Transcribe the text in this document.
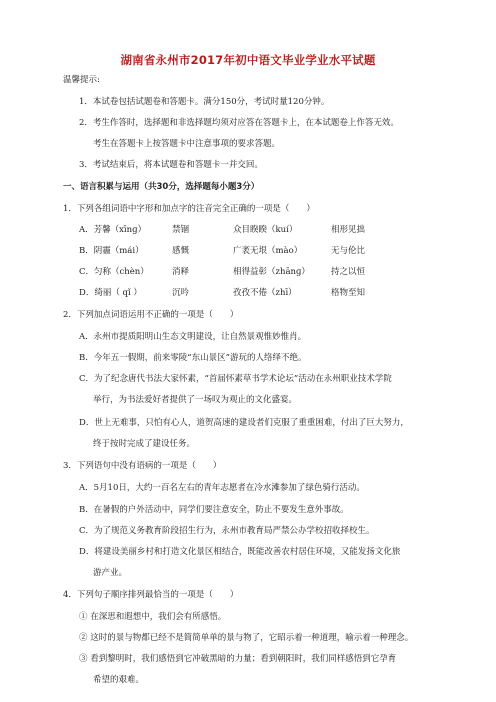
湖南省永州市2017年初中语文毕业学业水平试题
温馨提示:
1．本试卷包括试题卷和答题卡。满分150分，考试时量120分钟。
2．考生作答时，选择题和非选择题均须对应答在答题卡上，在本试题卷上作答无效。
考生在答题卡上按答题卡中注意事项的要求答题。
3．考试结束后，将本试题卷和答题卡一并交回。
一、语言积累与运用（共30分，选择题每小题3分）
1．下列各组词语中字形和加点字的注音完全正确的一项是（　　）
A．芳馨（xīnɡ）	禁锢	众目睽睽（kuí）	相形见拙
B．阴霾（mái）	感慨	广袤无垠（mào）	无与伦比
C．匀称（chèn）	消释	相得益彰（zhānɡ） 持之以恒
D．绮丽（ qǐ ）	沉吟	孜孜不倦（zhī）	格物至知
2．下列加点词语运用不正确的一项是（　　）
A．永州市提质阳明山生态文明建设，让自然景观惟妙惟肖。
B．今年五一假期，前来零陵“东山景区”游玩的人络绎不绝。
C．为了纪念唐代书法大家怀素，“首届怀素草书学术论坛”活动在永州职业技术学院
举行，为书法爱好者提供了一场叹为观止的文化盛宴。
D．世上无难事，只怕有心人，道贺高速的建设者们克服了重重困难，付出了巨大努力，
终于按时完成了建设任务。
3．下列语句中没有语病的一项是（　　）
A．5月10日，大约一百名左右的青年志愿者在冷水滩参加了绿色骑行活动。
B．在暑假的户外活动中，同学们要注意安全，防止不要发生意外事故。
C．为了规范义务教育阶段招生行为，永州市教育局严禁公办学校招收择校生。
D．将建设美丽乡村和打造文化景区相结合，既能改善农村居住环境，又能发扬文化旅
游产业。
4．下列句子顺序排列最恰当的一项是（　　）
① 在深思和遐想中，我们会有所感悟。
② 这时的景与物都已经不是简简单单的景与物了，它昭示着一种道理，喻示着一种理念。
③ 看到黎明时，我们感悟到它冲破黑暗的力量；看到朝阳时，我们同样感悟到它孕育
希望的艰难。
